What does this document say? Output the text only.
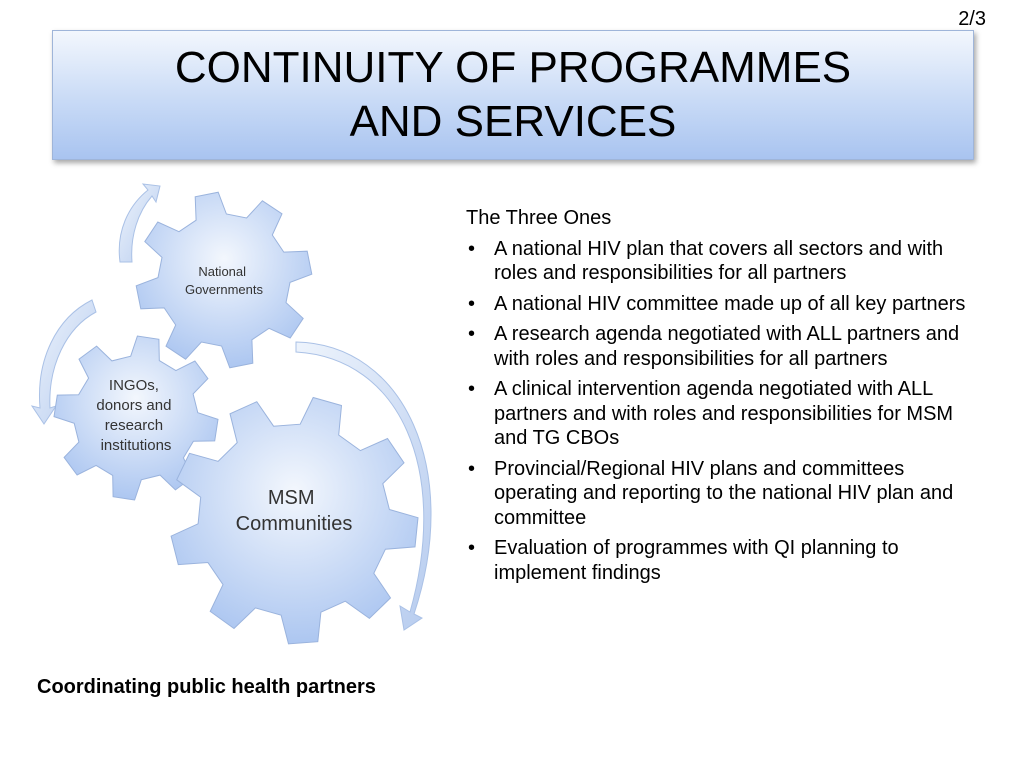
2/3
CONTINUITY OF PROGRAMMES
AND SERVICES
National Governments
INGOs, donors and research institutions
MSM Communities
Coordinating public health partners
The Three Ones
• A national HIV plan that covers all sectors and with roles and responsibilities for all partners
• A national HIV committee made up of all key partners
• A research agenda negotiated with ALL partners and with roles and responsibilities for all partners
• A clinical intervention agenda negotiated with ALL partners and with roles and responsibilities for MSM and TG CBOs
• Provincial/Regional HIV plans and committees operating and reporting to the national HIV plan and committee
• Evaluation of programmes with QI planning to implement findings
